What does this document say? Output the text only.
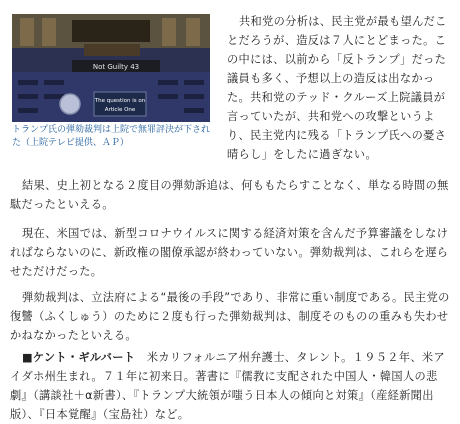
Not Guilty 43
The question is on
Article One
トランプ氏の弾劾裁判は上院で無罪評決が下された（上院テレビ提供、ＡＰ）
共和党の分析は、民主党が最も望んだことだろうが、造反は７人にとどまった。この中には、以前から「反トランプ」だった議員も多く、予想以上の造反は出なかった。共和党のテッド・クルーズ上院議員が言っていたが、共和党への攻撃というより、民主党内に残る「トランプ氏への憂さ晴らし」をしたに過ぎない。

結果、史上初となる２度目の弾劾訴追は、何ももたらすことなく、単なる時間の無駄だったといえる。

現在、米国では、新型コロナウイルスに関する経済対策を含んだ予算審議をしなければならないのに、新政権の閣僚承認が終わっていない。弾劾裁判は、これらを遅らせただけだった。

弾劾裁判は、立法府による“最後の手段”であり、非常に重い制度である。民主党の復讐（ふくしゅう）のために２度も行った弾劾裁判は、制度そのものの重みも失わせかねなかったといえる。

■ケント・ギルバート　 米カリフォルニア州弁護士、タレント。１９５２年、米アイダホ州生まれ。７１年に初来日。著書に『儒教に支配された中国人・韓国人の悲劇』（講談社＋α新書）、『トランプ大統領が嗤う日本人の傾向と対策』（産経新聞出版）、『日本覚醒』（宝島社）など。
